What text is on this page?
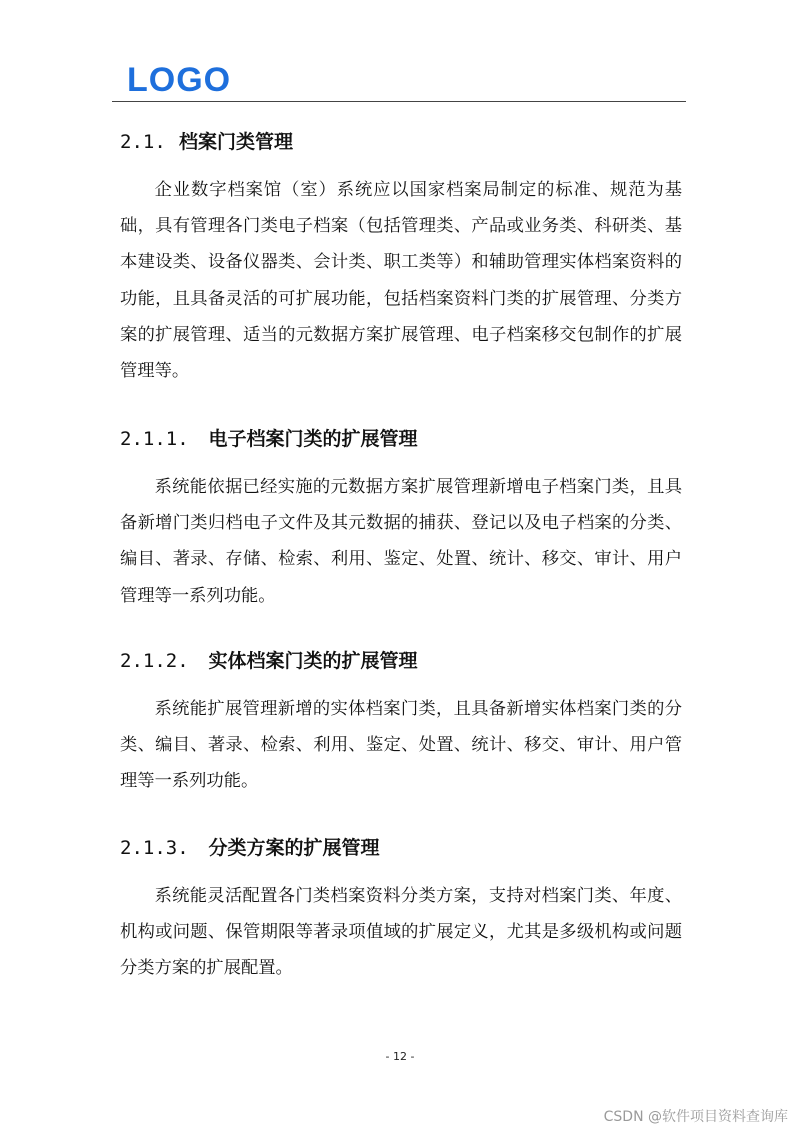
LOGO
2.1. 档案门类管理

企业数字档案馆（室）系统应以国家档案局制定的标准、规范为基础，具有管理各门类电子档案（包括管理类、产品或业务类、科研类、基本建设类、设备仪器类、会计类、职工类等）和辅助管理实体档案资料的功能，且具备灵活的可扩展功能，包括档案资料门类的扩展管理、分类方案的扩展管理、适当的元数据方案扩展管理、电子档案移交包制作的扩展管理等。

2.1.1. 电子档案门类的扩展管理

系统能依据已经实施的元数据方案扩展管理新增电子档案门类，且具备新增门类归档电子文件及其元数据的捕获、登记以及电子档案的分类、编目、著录、存储、检索、利用、鉴定、处置、统计、移交、审计、用户管理等一系列功能。

2.1.2. 实体档案门类的扩展管理

系统能扩展管理新增的实体档案门类，且具备新增实体档案门类的分类、编目、著录、检索、利用、鉴定、处置、统计、移交、审计、用户管理等一系列功能。

2.1.3. 分类方案的扩展管理

系统能灵活配置各门类档案资料分类方案，支持对档案门类、年度、机构或问题、保管期限等著录项值域的扩展定义，尤其是多级机构或问题分类方案的扩展配置。

- 12 -
CSDN @软件项目资料查询库
